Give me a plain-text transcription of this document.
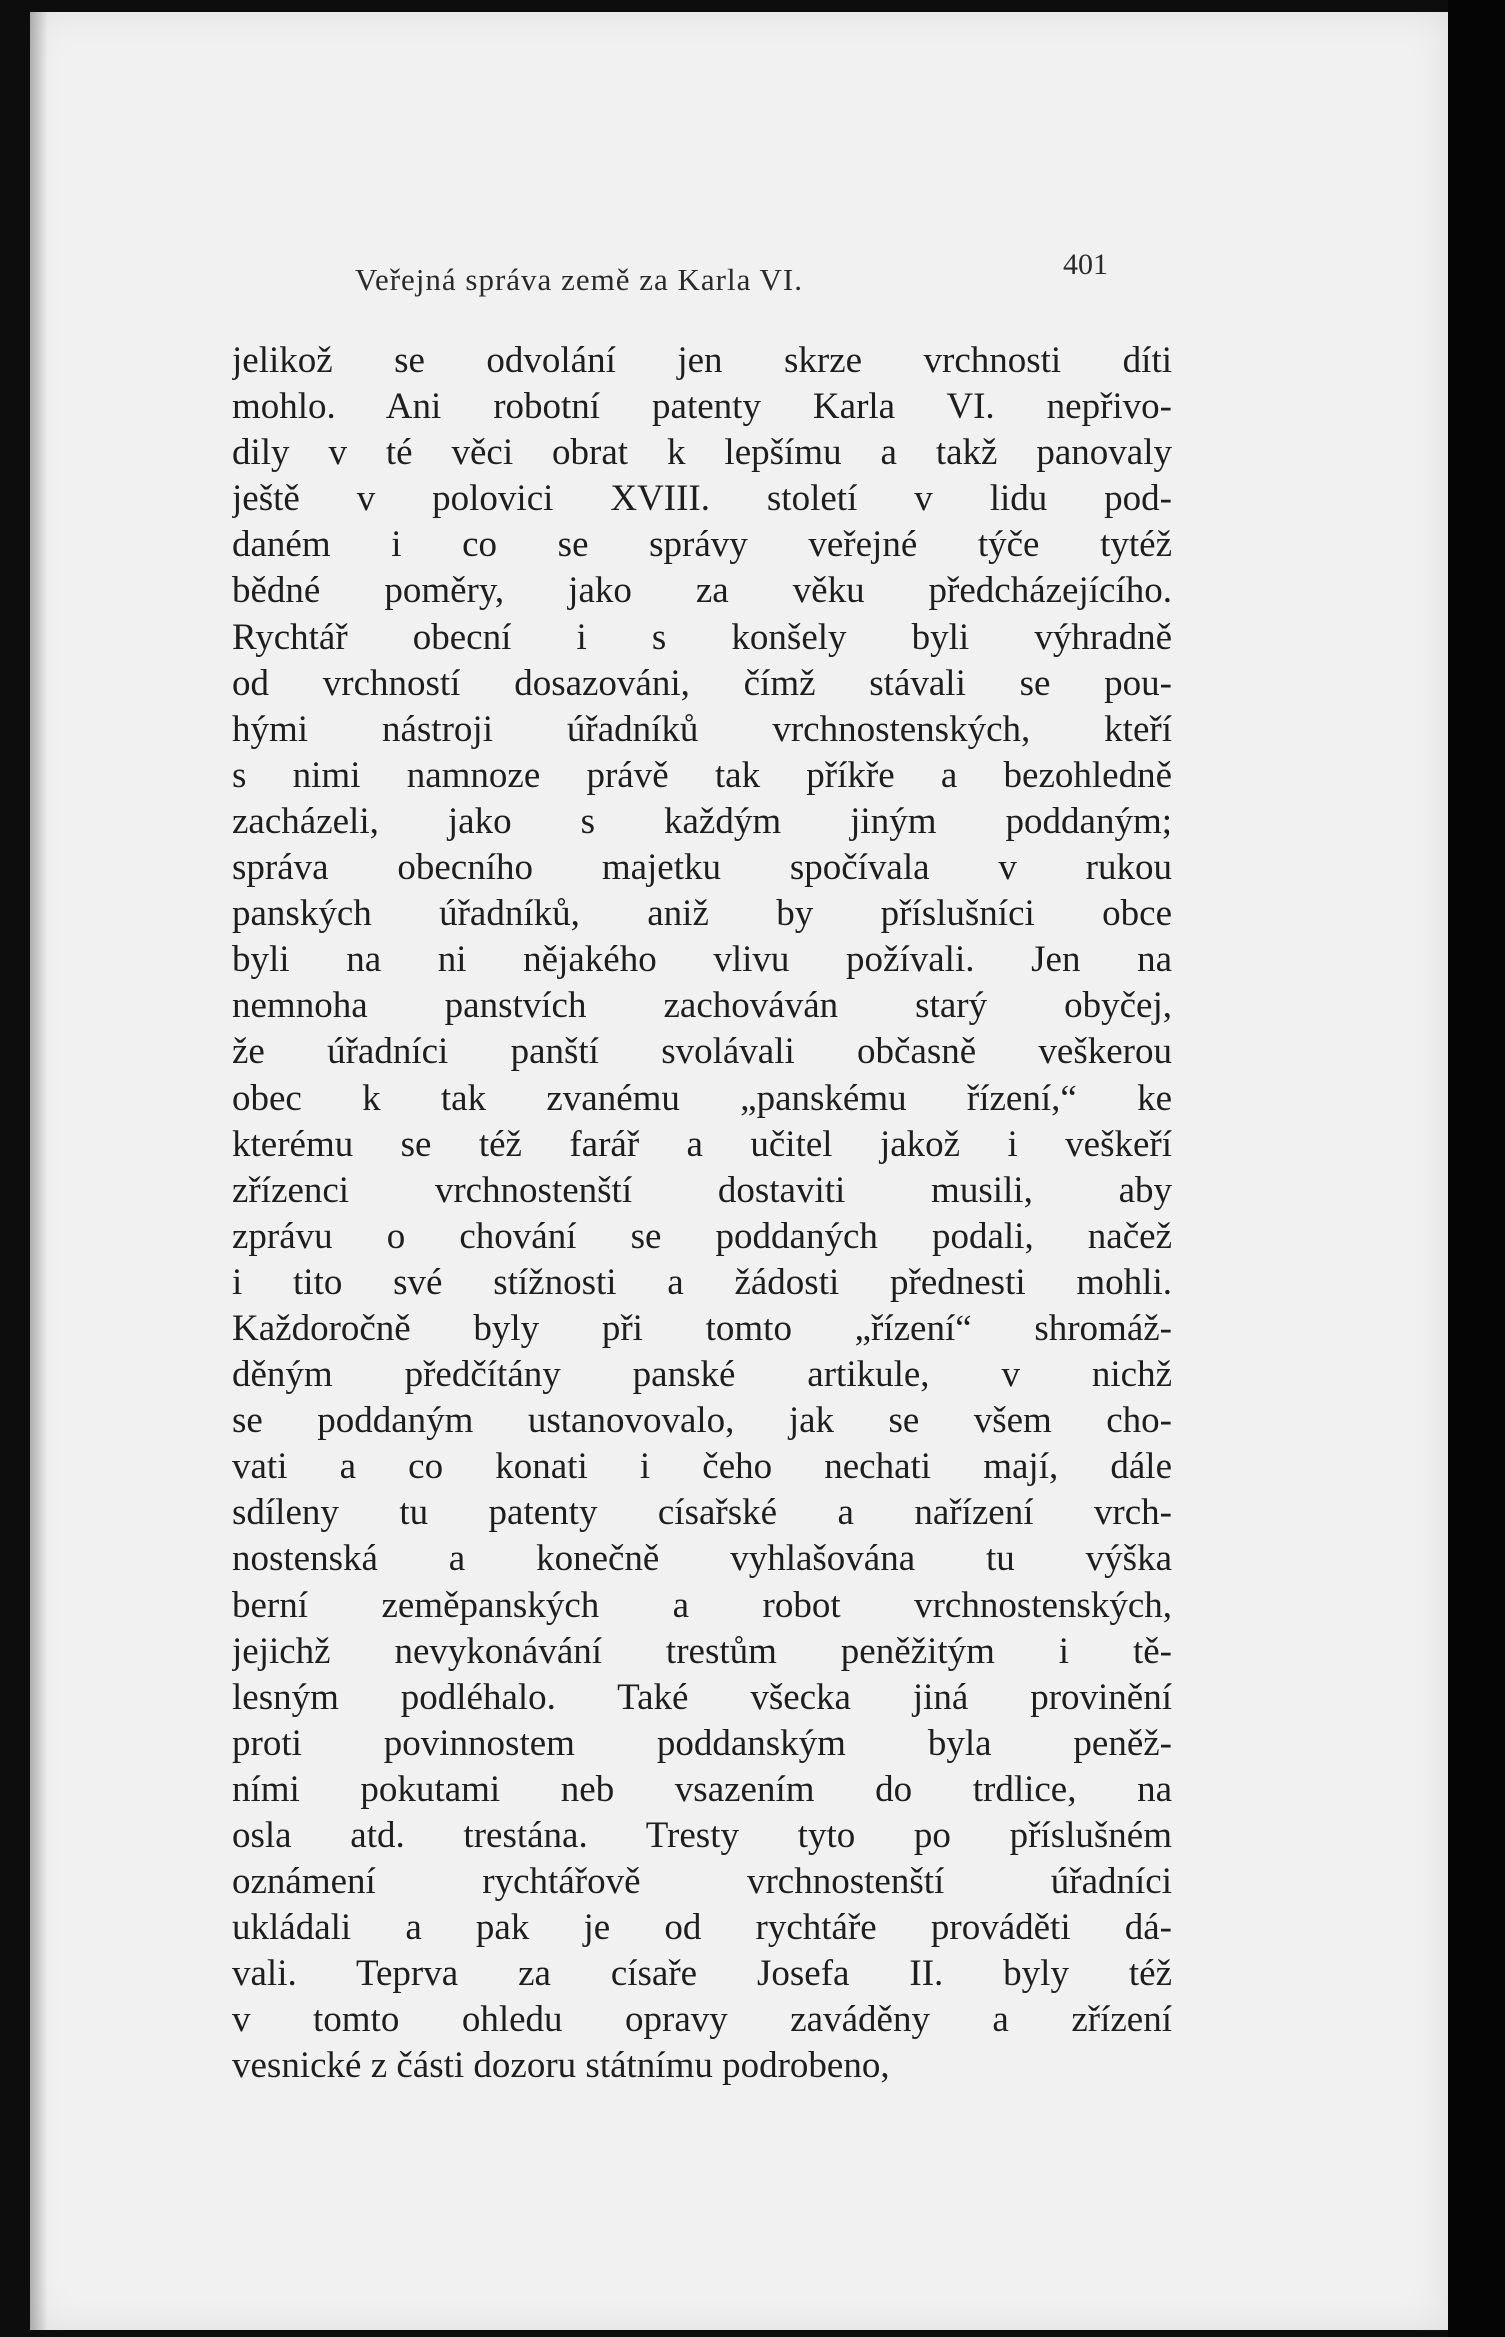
Veřejná správa země za Karla VI.	401
jelikož se odvolání jen skrze vrchnosti díti
mohlo. Ani robotní patenty Karla VI. nepřivo-
dily v té věci obrat k lepšímu a takž panovaly
ještě v polovici XVIII. století v lidu pod-
daném i co se správy veřejné týče tytéž
bědné poměry, jako za věku předcházejícího.
Rychtář obecní i s konšely byli výhradně
od vrchností dosazováni, čímž stávali se pou-
hými nástroji úřadníků vrchnostenských, kteří
s nimi namnoze právě tak příkře a bezohledně
zacházeli, jako s každým jiným poddaným;
správa obecního majetku spočívala v rukou
panských úřadníků, aniž by příslušníci obce
byli na ni nějakého vlivu požívali. Jen na
nemnoha panstvích zachováván starý obyčej,
že úřadníci panští svolávali občasně veškerou
obec k tak zvanému „panskému řízení,“ ke
kterému se též farář a učitel jakož i veškeří
zřízenci vrchnostenští dostaviti musili, aby
zprávu o chování se poddaných podali, načež
i tito své stížnosti a žádosti přednesti mohli.
Každoročně byly při tomto „řízení“ shromáž-
děným předčítány panské artikule, v nichž
se poddaným ustanovovalo, jak se všem cho-
vati a co konati i čeho nechati mají, dále
sdíleny tu patenty císařské a nařízení vrch-
nostenská a konečně vyhlašována tu výška
berní zeměpanských a robot vrchnostenských,
jejichž nevykonávání trestům peněžitým i tě-
lesným podléhalo. Také všecka jiná provinění
proti povinnostem poddanským byla peněž-
ními pokutami neb vsazením do trdlice, na
osla atd. trestána. Tresty tyto po příslušném
oznámení rychtářově vrchnostenští úřadníci
ukládali a pak je od rychtáře prováděti dá-
vali. Teprva za císaře Josefa II. byly též
v tomto ohledu opravy zaváděny a zřízení
vesnické z části dozoru státnímu podrobeno,
